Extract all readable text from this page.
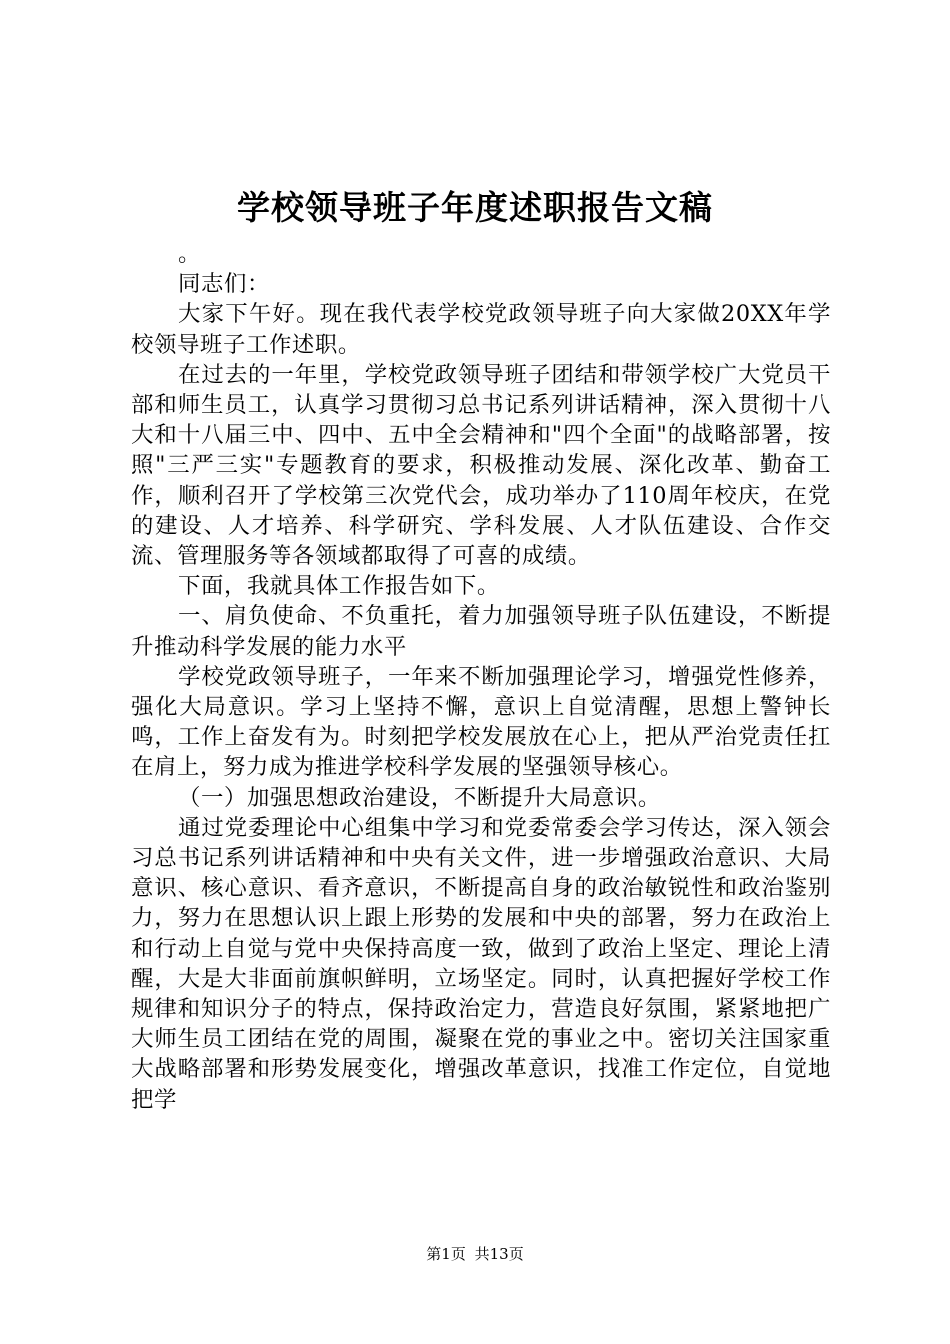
学校领导班子年度述职报告文稿

。

同志们：

大家下午好。现在我代表学校党政领导班子向大家做20XX年学校领导班子工作述职。

在过去的一年里，学校党政领导班子团结和带领学校广大党员干部和师生员工，认真学习贯彻习总书记系列讲话精神，深入贯彻十八大和十八届三中、四中、五中全会精神和"四个全面"的战略部署，按照"三严三实"专题教育的要求，积极推动发展、深化改革、勤奋工作，顺利召开了学校第三次党代会，成功举办了110周年校庆，在党的建设、人才培养、科学研究、学科发展、人才队伍建设、合作交流、管理服务等各领域都取得了可喜的成绩。

下面，我就具体工作报告如下。

一、肩负使命、不负重托，着力加强领导班子队伍建设，不断提升推动科学发展的能力水平

学校党政领导班子，一年来不断加强理论学习，增强党性修养，强化大局意识。学习上坚持不懈，意识上自觉清醒，思想上警钟长鸣，工作上奋发有为。时刻把学校发展放在心上，把从严治党责任扛在肩上，努力成为推进学校科学发展的坚强领导核心。

（一）加强思想政治建设，不断提升大局意识。

通过党委理论中心组集中学习和党委常委会学习传达，深入领会习总书记系列讲话精神和中央有关文件，进一步增强政治意识、大局意识、核心意识、看齐意识，不断提高自身的政治敏锐性和政治鉴别力，努力在思想认识上跟上形势的发展和中央的部署，努力在政治上和行动上自觉与党中央保持高度一致，做到了政治上坚定、理论上清醒，大是大非面前旗帜鲜明，立场坚定。同时，认真把握好学校工作规律和知识分子的特点，保持政治定力，营造良好氛围，紧紧地把广大师生员工团结在党的周围，凝聚在党的事业之中。密切关注国家重大战略部署和形势发展变化，增强改革意识，找准工作定位，自觉地把学

第1页 共13页
